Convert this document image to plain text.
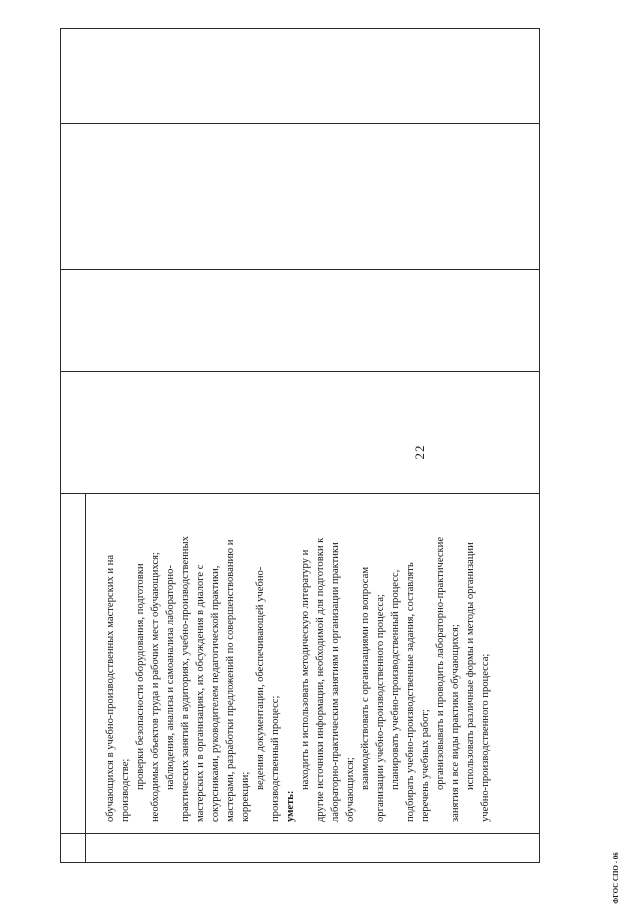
22

обучающихся в учебно-производственных мастерских и на производстве;

проверки безопасности оборудования, подготовки необходимых объектов труда и рабочих мест обучающихся; наблюдения, анализа и самоанализа лабораторно-практических занятий в аудиториях, учебно-производственных мастерских и в организациях, их обсуждения в диалоге с сокурсниками, руководителем педагогической практики, мастерами, разработки предложений по совершенствованию и коррекции;

ведения документации, обеспечивающей учебно-производственный процесс; уметь:

находить и использовать методическую литературу и другие источники информации, необходимой для подготовки к лабораторно-практическим занятиям и организации практики обучающихся; взаимодействовать с организациями по вопросам организации учебно-производственного процесса; планировать учебно-производственный процесс, подбирать учебно-производственные задания, составлять перечень учебных работ; организовывать и проводить лабораторно-практические занятия и все виды практики обучающихся; использовать различные формы и методы организации учебно-производственного процесса;

ФГОС СПО - 06
